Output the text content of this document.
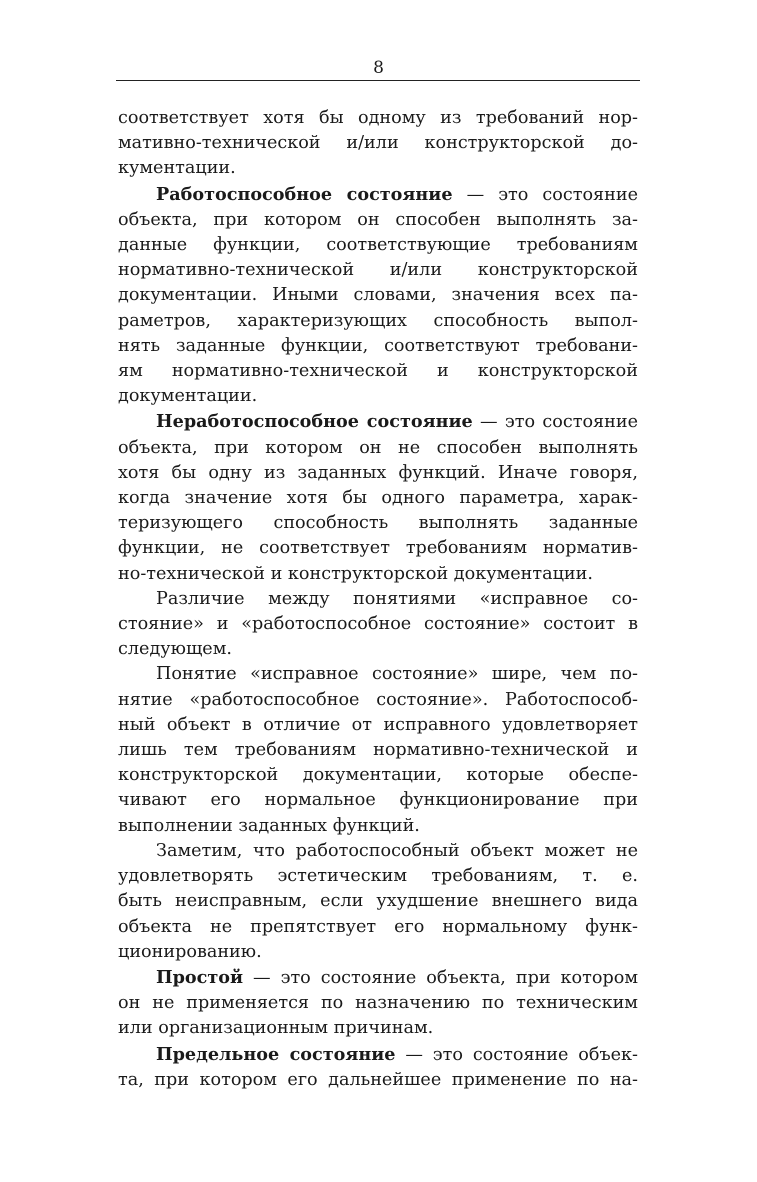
8
соответствует хотя бы одному из требований нор-
мативно-технической и/или конструкторской до-
кументации.
Работоспособное состояние — это состояние
объекта, при котором он способен выполнять за-
данные функции, соответствующие требованиям
нормативно-технической и/или конструкторской
документации. Иными словами, значения всех па-
раметров, характеризующих способность выпол-
нять заданные функции, соответствуют требовани-
ям нормативно-технической и конструкторской
документации.
Неработоспособное состояние — это состояние
объекта, при котором он не способен выполнять
хотя бы одну из заданных функций. Иначе говоря,
когда значение хотя бы одного параметра, харак-
теризующего способность выполнять заданные
функции, не соответствует требованиям норматив-
но-технической и конструкторской документации.
Различие между понятиями «исправное со-
стояние» и «работоспособное состояние» состоит в
следующем.
Понятие «исправное состояние» шире, чем по-
нятие «работоспособное состояние». Работоспособ-
ный объект в отличие от исправного удовлетворяет
лишь тем требованиям нормативно-технической и
конструкторской документации, которые обеспе-
чивают его нормальное функционирование при
выполнении заданных функций.
Заметим, что работоспособный объект может не
удовлетворять эстетическим требованиям, т. е.
быть неисправным, если ухудшение внешнего вида
объекта не препятствует его нормальному функ-
ционированию.
Простой — это состояние объекта, при котором
он не применяется по назначению по техническим
или организационным причинам.
Предельное состояние — это состояние объек-
та, при котором его дальнейшее применение по на-
